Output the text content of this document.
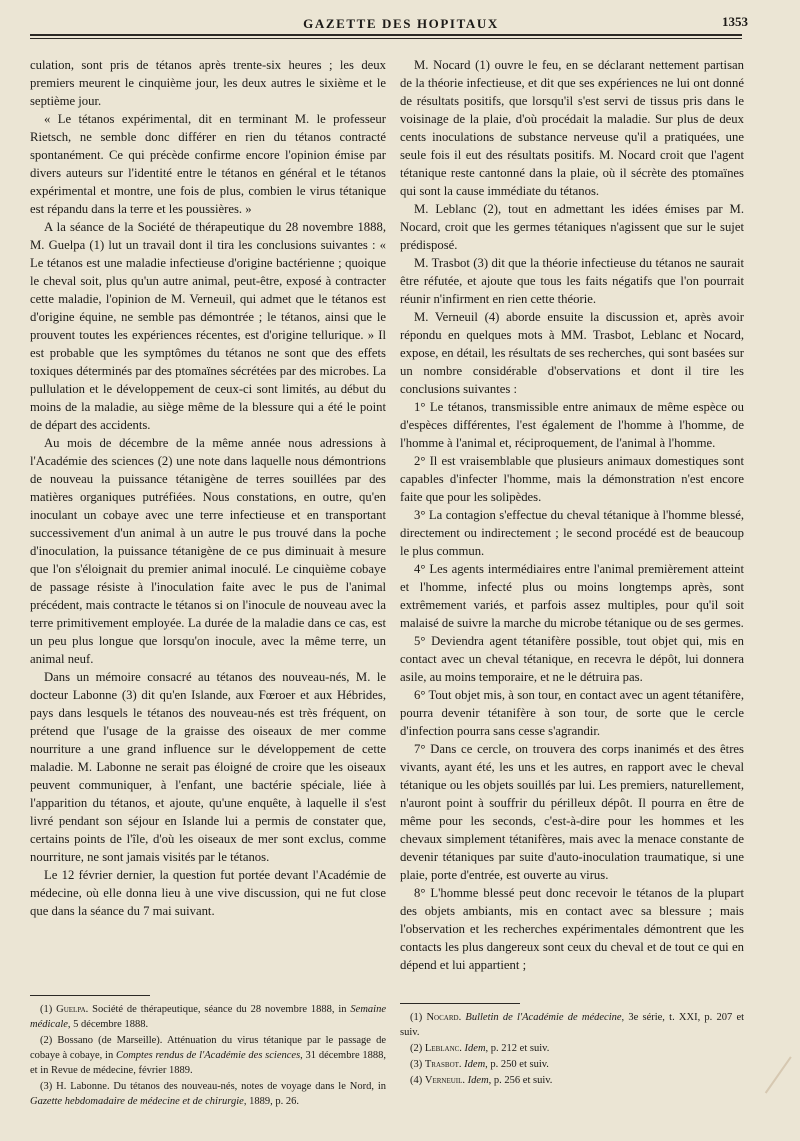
GAZETTE DES HOPITAUX	1353

culation, sont pris de tétanos après trente-six heures ; les deux premiers meurent le cinquième jour, les deux autres le sixième et le septième jour.

« Le tétanos expérimental, dit en terminant M. le professeur Rietsch, ne semble donc différer en rien du tétanos contracté spontanément. Ce qui précède confirme encore l'opinion émise par divers auteurs sur l'identité entre le tétanos en général et le tétanos expérimental et montre, une fois de plus, combien le virus tétanique est répandu dans la terre et les poussières. »

A la séance de la Société de thérapeutique du 28 novembre 1888, M. Guelpa (1) lut un travail dont il tira les conclusions suivantes : « Le tétanos est une maladie infectieuse d'origine bactérienne ; quoique le cheval soit, plus qu'un autre animal, peut-être, exposé à contracter cette maladie, l'opinion de M. Verneuil, qui admet que le tétanos est d'origine équine, ne semble pas démontrée ; le tétanos, ainsi que le prouvent toutes les expériences récentes, est d'origine tellurique. » Il est probable que les symptômes du tétanos ne sont que des effets toxiques déterminés par des ptomaïnes sécrétées par des microbes. La pullulation et le développement de ceux-ci sont limités, au début du moins de la maladie, au siège même de la blessure qui a été le point de départ des accidents.

Au mois de décembre de la même année nous adressions à l'Académie des sciences (2) une note dans laquelle nous démontrions de nouveau la puissance tétanigène de terres souillées par des matières organiques putréfiées. Nous constations, en outre, qu'en inoculant un cobaye avec une terre infectieuse et en transportant successivement d'un animal à un autre le pus trouvé dans la poche d'inoculation, la puissance tétanigène de ce pus diminuait à mesure que l'on s'éloignait du premier animal inoculé. Le cinquième cobaye de passage résiste à l'inoculation faite avec le pus de l'animal précédent, mais contracte le tétanos si on l'inocule de nouveau avec la terre primitivement employée. La durée de la maladie dans ce cas, est un peu plus longue que lorsqu'on inocule, avec la même terre, un animal neuf.

Dans un mémoire consacré au tétanos des nouveau-nés, M. le docteur Labonne (3) dit qu'en Islande, aux Fœroer et aux Hébrides, pays dans lesquels le tétanos des nouveau-nés est très fréquent, on prétend que l'usage de la graisse des oiseaux de mer comme nourriture a une grand influence sur le développement de cette maladie. M. Labonne ne serait pas éloigné de croire que les oiseaux peuvent communiquer, à l'enfant, une bactérie spéciale, liée à l'apparition du tétanos, et ajoute, qu'une enquête, à laquelle il s'est livré pendant son séjour en Islande lui a permis de constater que, certains points de l'île, d'où les oiseaux de mer sont exclus, comme nourriture, ne sont jamais visités par le tétanos.

Le 12 février dernier, la question fut portée devant l'Académie de médecine, où elle donna lieu à une vive discussion, qui ne fut close que dans la séance du 7 mai suivant.

M. Nocard (1) ouvre le feu, en se déclarant nettement partisan de la théorie infectieuse, et dit que ses expériences ne lui ont donné de résultats positifs, que lorsqu'il s'est servi de tissus pris dans le voisinage de la plaie, d'où procédait la maladie. Sur plus de deux cents inoculations de substance nerveuse qu'il a pratiquées, une seule fois il eut des résultats positifs. M. Nocard croit que l'agent tétanique reste cantonné dans la plaie, où il sécrète des ptomaïnes qui sont la cause immédiate du tétanos.

M. Leblanc (2), tout en admettant les idées émises par M. Nocard, croit que les germes tétaniques n'agissent que sur le sujet prédisposé.

M. Trasbot (3) dit que la théorie infectieuse du tétanos ne saurait être réfutée, et ajoute que tous les faits négatifs que l'on pourrait réunir n'infirment en rien cette théorie.

M. Verneuil (4) aborde ensuite la discussion et, après avoir répondu en quelques mots à MM. Trasbot, Leblanc et Nocard, expose, en détail, les résultats de ses recherches, qui sont basées sur un nombre considérable d'observations et dont il tire les conclusions suivantes :

1° Le tétanos, transmissible entre animaux de même espèce ou d'espèces différentes, l'est également de l'homme à l'homme, de l'homme à l'animal et, réciproquement, de l'animal à l'homme.

2° Il est vraisemblable que plusieurs animaux domestiques sont capables d'infecter l'homme, mais la démonstration n'est encore faite que pour les solipèdes.

3° La contagion s'effectue du cheval tétanique à l'homme blessé, directement ou indirectement ; le second procédé est de beaucoup le plus commun.

4° Les agents intermédiaires entre l'animal premièrement atteint et l'homme, infecté plus ou moins longtemps après, sont extrêmement variés, et parfois assez multiples, pour qu'il soit malaisé de suivre la marche du microbe tétanique ou de ses germes.

5° Deviendra agent tétanifère possible, tout objet qui, mis en contact avec un cheval tétanique, en recevra le dépôt, lui donnera asile, au moins temporaire, et ne le détruira pas.

6° Tout objet mis, à son tour, en contact avec un agent tétanifère, pourra devenir tétanifère à son tour, de sorte que le cercle d'infection pourra sans cesse s'agrandir.

7° Dans ce cercle, on trouvera des corps inanimés et des êtres vivants, ayant été, les uns et les autres, en rapport avec le cheval tétanique ou les objets souillés par lui. Les premiers, naturellement, n'auront point à souffrir du périlleux dépôt. Il pourra en être de même pour les seconds, c'est-à-dire pour les hommes et les chevaux simplement tétanifères, mais avec la menace constante de devenir tétaniques par suite d'auto-inoculation traumatique, si une plaie, porte d'entrée, est ouverte au virus.

8° L'homme blessé peut donc recevoir le tétanos de la plupart des objets ambiants, mis en contact avec sa blessure ; mais l'observation et les recherches expérimentales démontrent que les contacts les plus dangereux sont ceux du cheval et de tout ce qui en dépend et lui appartient ;

(1) Guelpa. Société de thérapeutique, séance du 28 novembre 1888, in Semaine médicale, 5 décembre 1888.

(2) Bossano (de Marseille). Atténuation du virus tétanique par le passage de cobaye à cobaye, in Comptes rendus de l'Académie des sciences, 31 décembre 1888, et in Revue de médecine, février 1889.

(3) H. Labonne. Du tétanos des nouveau-nés, notes de voyage dans le Nord, in Gazette hebdomadaire de médecine et de chirurgie, 1889, p. 26.

(1) Nocard. Bulletin de l'Académie de médecine, 3e série, t. XXI, p. 207 et suiv.

(2) Leblanc. Idem, p. 212 et suiv.

(3) Trasbot. Idem, p. 250 et suiv.

(4) Verneuil. Idem, p. 256 et suiv.
